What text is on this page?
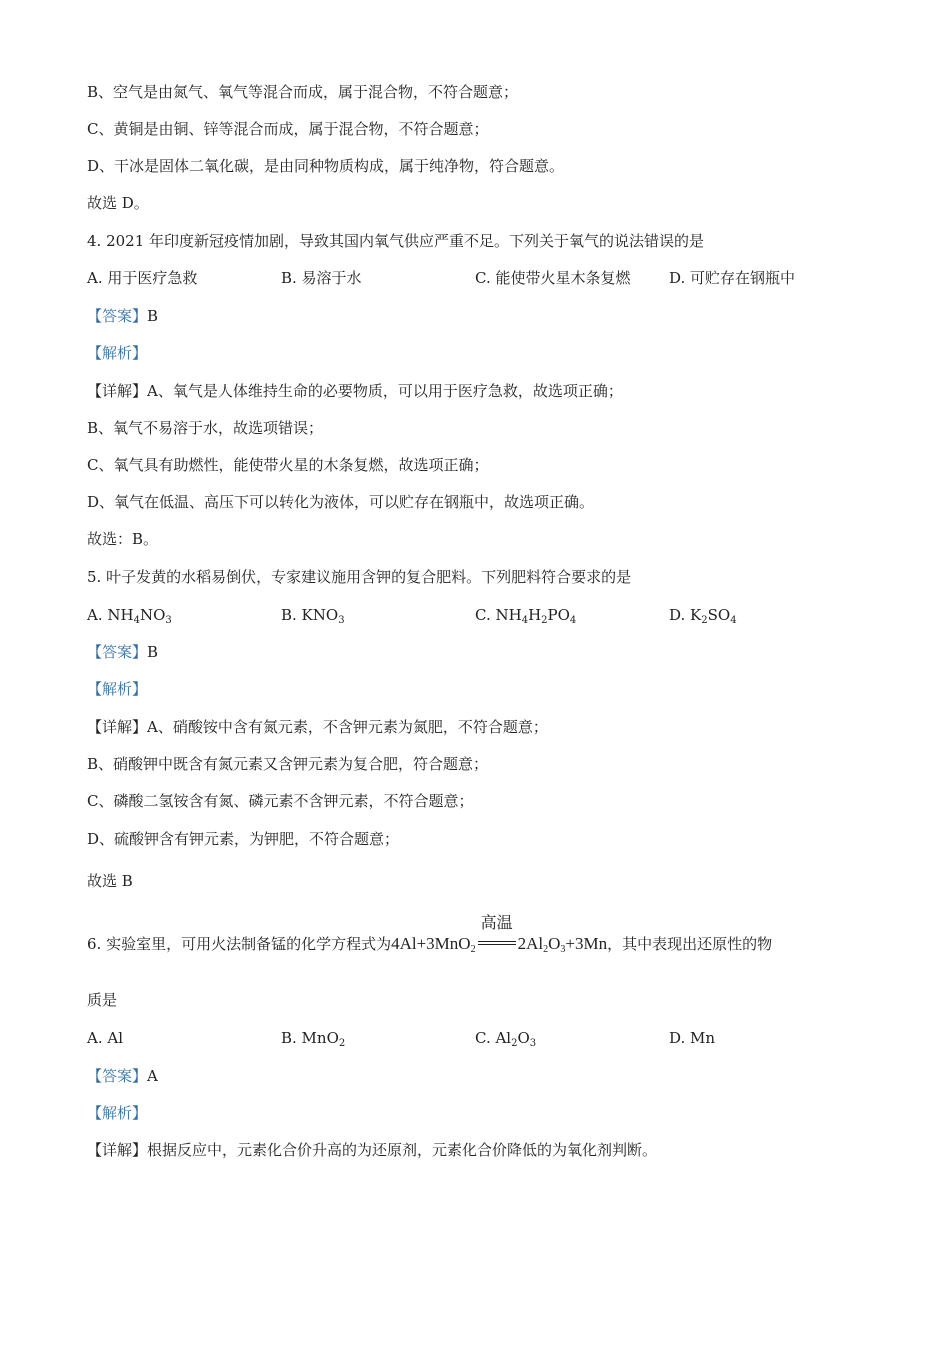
B、空气是由氮气、氧气等混合而成，属于混合物，不符合题意；
C、黄铜是由铜、锌等混合而成，属于混合物，不符合题意；
D、干冰是固体二氧化碳，是由同种物质构成，属于纯净物，符合题意。
故选 D。
4. 2021 年印度新冠疫情加剧，导致其国内氧气供应严重不足。下列关于氧气的说法错误的是
A. 用于医疗急救	B. 易溶于水	C. 能使带火星木条复燃	D. 可贮存在钢瓶中
【答案】B
【解析】
【详解】A、氧气是人体维持生命的必要物质，可以用于医疗急救，故选项正确；
B、氧气不易溶于水，故选项错误；
C、氧气具有助燃性，能使带火星的木条复燃，故选项正确；
D、氧气在低温、高压下可以转化为液体，可以贮存在钢瓶中，故选项正确。
故选：B。
5. 叶子发黄的水稻易倒伏，专家建议施用含钾的复合肥料。下列肥料符合要求的是
A. $NH_4NO_3$	B. $KNO_3$	C. $NH_4H_2PO_4$	D. $K_2SO_4$
【答案】B
【解析】
【详解】A、硝酸铵中含有氮元素，不含钾元素为氮肥，不符合题意；
B、硝酸钾中既含有氮元素又含钾元素为复合肥，符合题意；
C、磷酸二氢铵含有氮、磷元素不含钾元素，不符合题意；
D、硫酸钾含有钾元素，为钾肥，不符合题意；
故选 B
6. 实验室里，可用火法制备锰的化学方程式为4Al+3MnO$_2$
高温
$2Al_2O_3+3Mn$，其中表现出还原性的物
质是
A. Al	B. MnO$_2$	C. $Al_2O_3$	D. Mn
【答案】A
【解析】
【详解】根据反应中，元素化合价升高的为还原剂，元素化合价降低的为氧化剂判断。
